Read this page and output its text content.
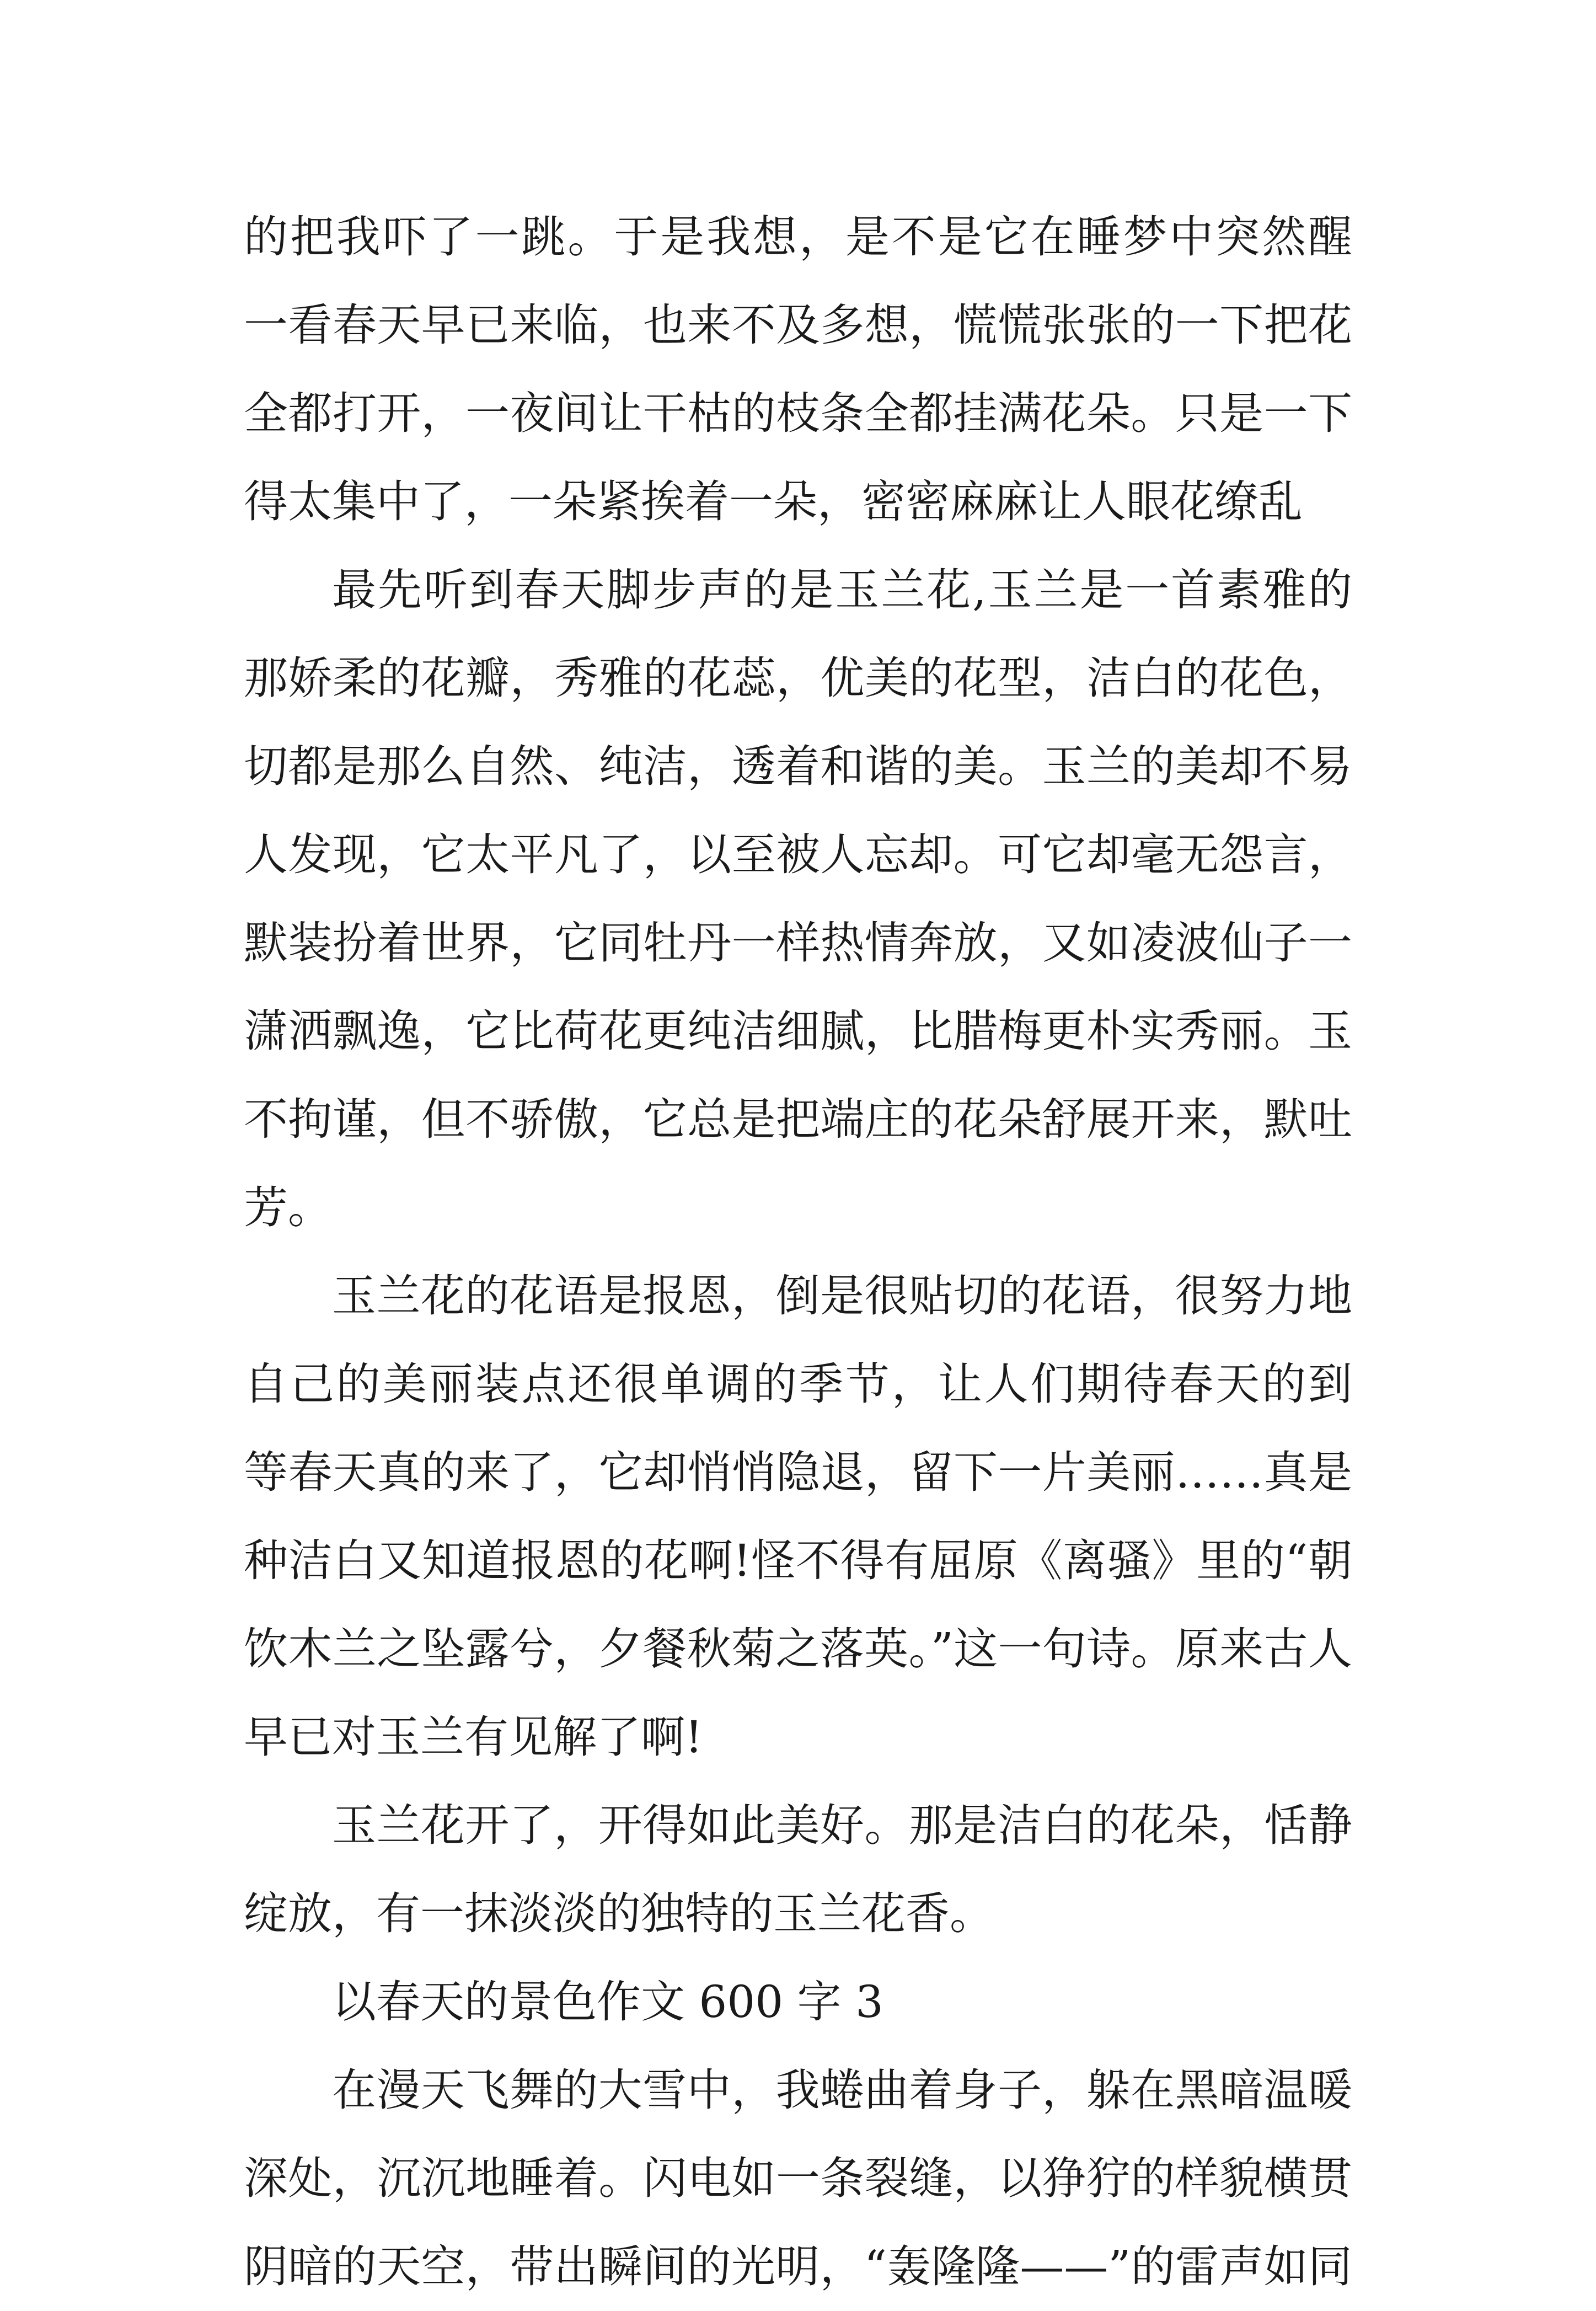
的把我吓了一跳。于是我想，是不是它在睡梦中突然醒
一看春天早已来临，也来不及多想，慌慌张张的一下把花
全都打开，一夜间让干枯的枝条全都挂满花朵。只是一下
得太集中了，一朵紧挨着一朵，密密麻麻让人眼花缭乱
最先听到春天脚步声的是玉兰花,玉兰是一首素雅的
那娇柔的花瓣，秀雅的花蕊，优美的花型，洁白的花色，
切都是那么自然、纯洁，透着和谐的美。玉兰的美却不易
人发现，它太平凡了，以至被人忘却。可它却毫无怨言，
默装扮着世界，它同牡丹一样热情奔放，又如凌波仙子一
潇洒飘逸，它比荷花更纯洁细腻，比腊梅更朴实秀丽。玉
不拘谨，但不骄傲，它总是把端庄的花朵舒展开来，默吐
芳。
玉兰花的花语是报恩，倒是很贴切的花语，很努力地
自己的美丽装点还很单调的季节，让人们期待春天的到
等春天真的来了，它却悄悄隐退，留下一片美丽……真是
种洁白又知道报恩的花啊!怪不得有屈原《离骚》里的“朝
饮木兰之坠露兮，夕餐秋菊之落英。”这一句诗。原来古人
早已对玉兰有见解了啊!
玉兰花开了，开得如此美好。那是洁白的花朵，恬静
绽放，有一抹淡淡的独特的玉兰花香。
以春天的景色作文 600 字 3
在漫天飞舞的大雪中，我蜷曲着身子，躲在黑暗温暖
深处，沉沉地睡着。闪电如一条裂缝，以狰狞的样貌横贯
阴暗的天空，带出瞬间的光明，“轰隆隆——”的雷声如同
